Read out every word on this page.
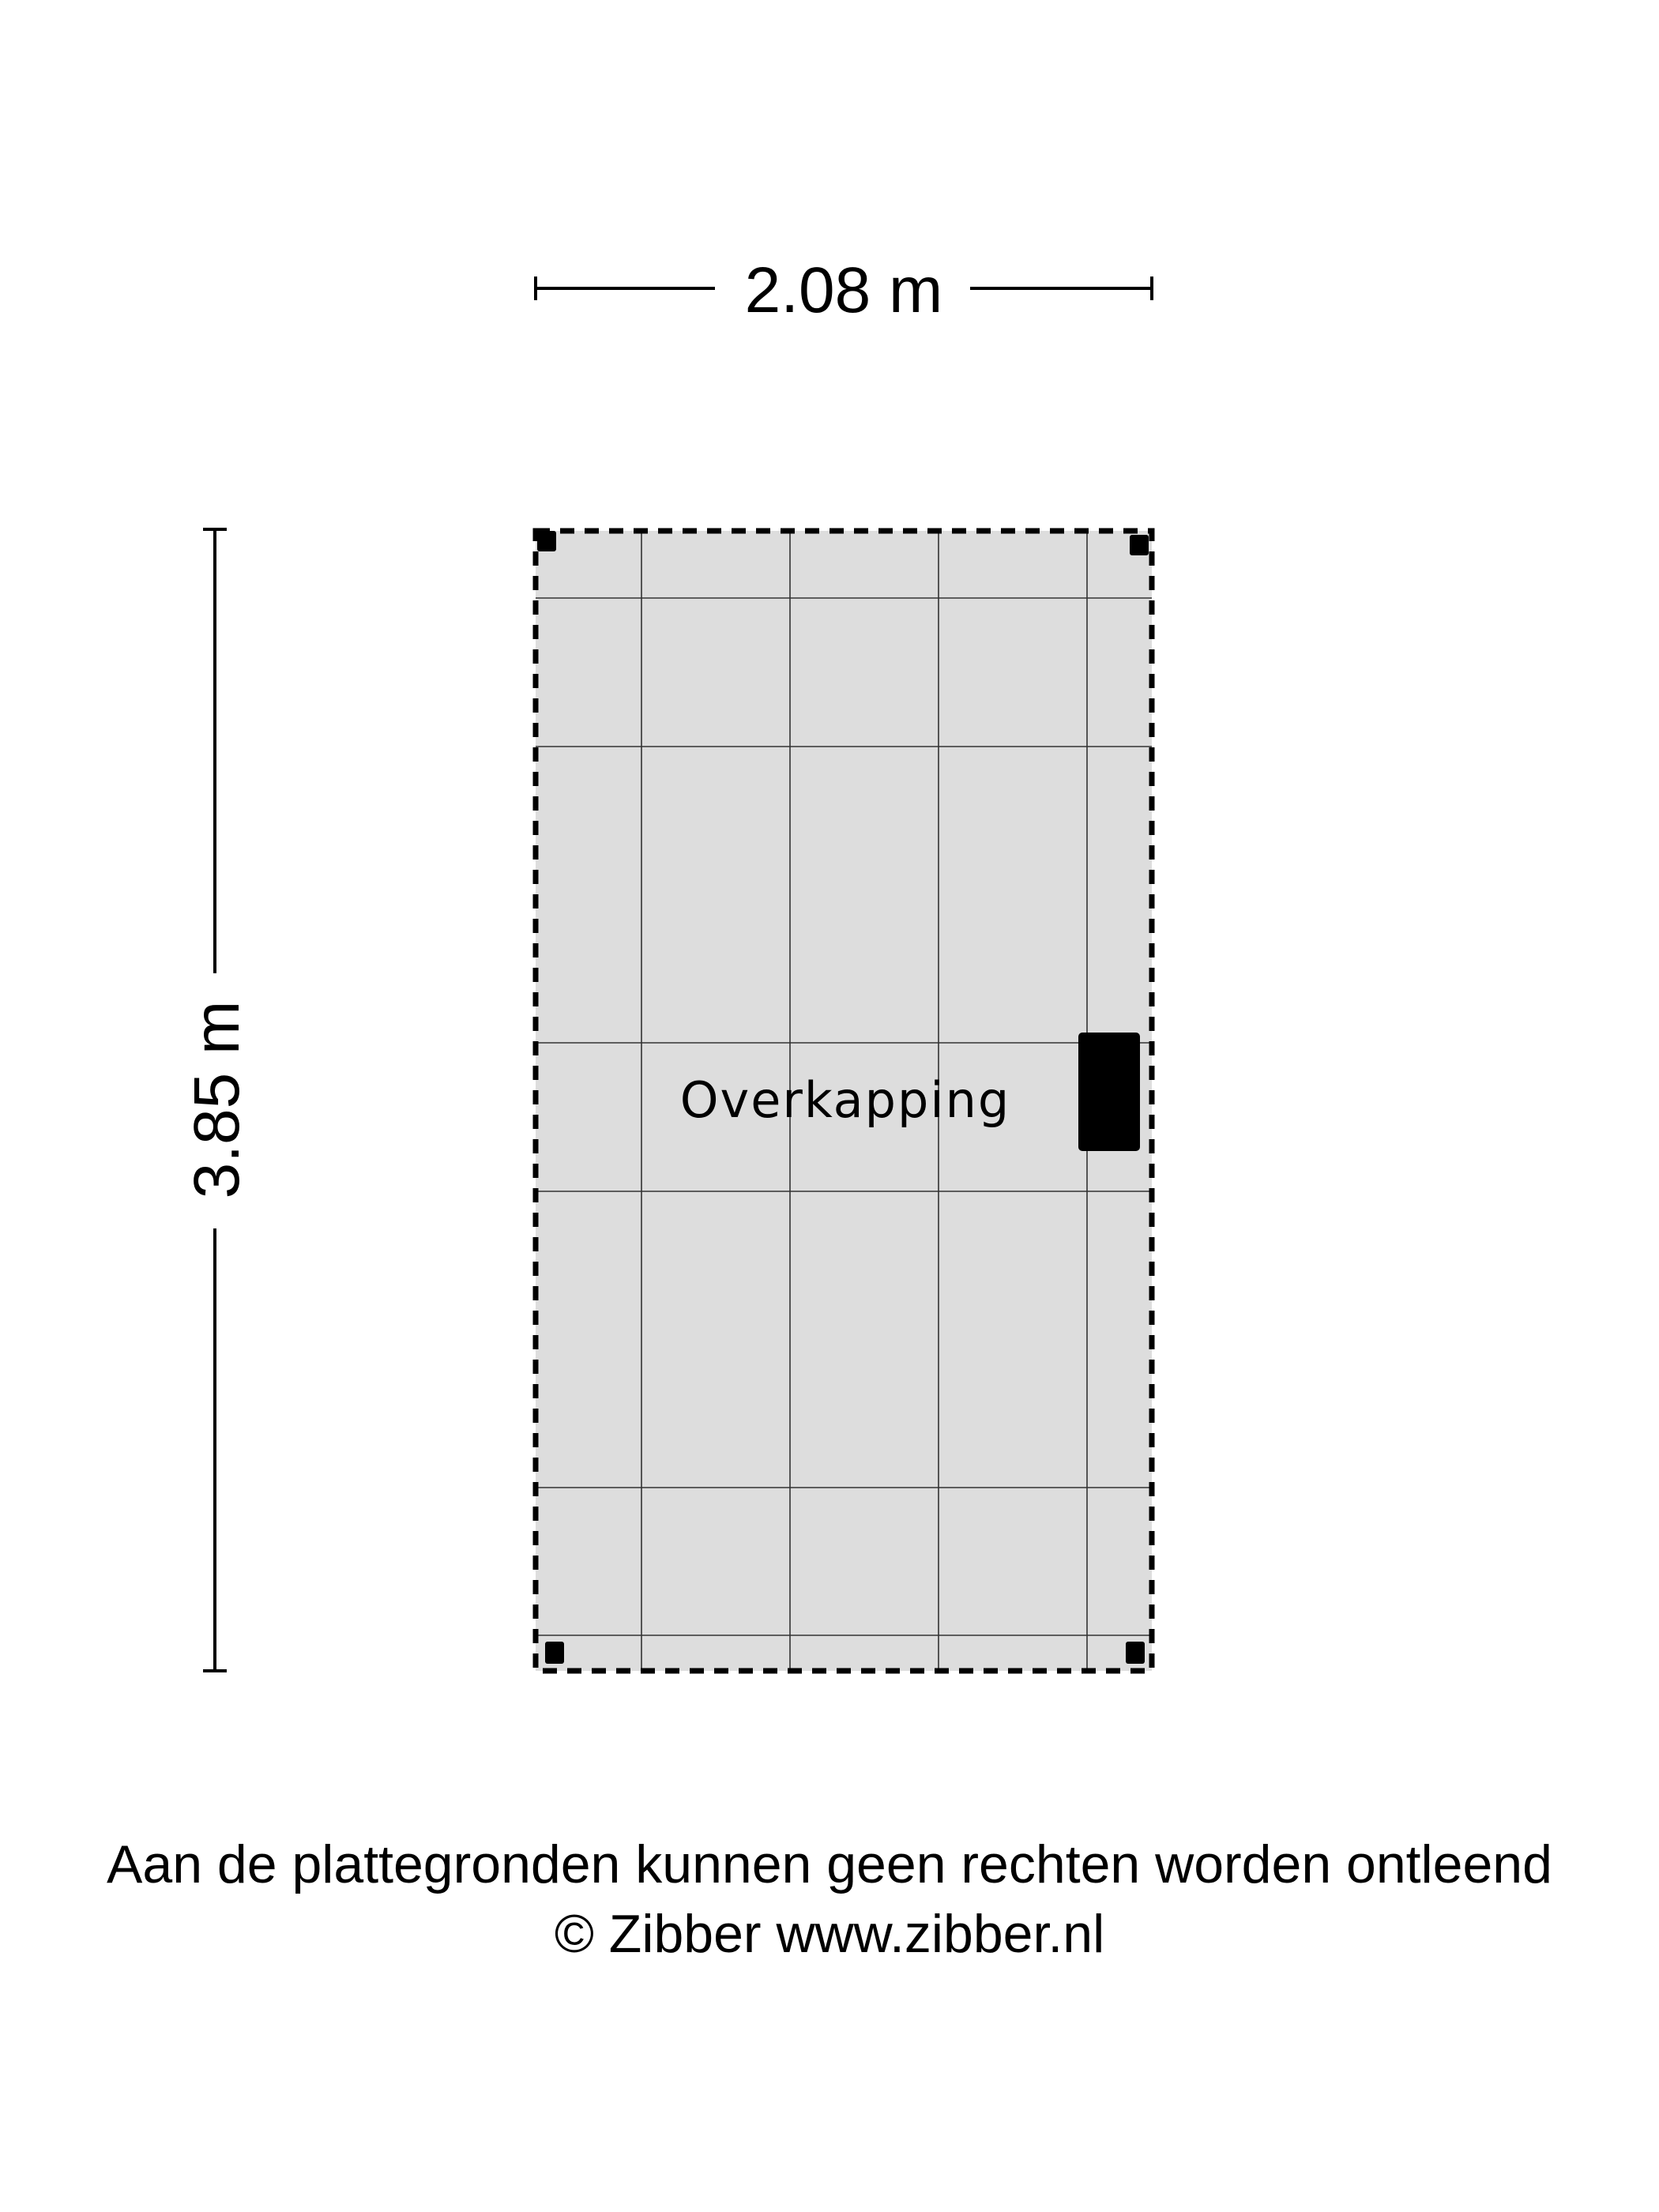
2.08 m
3.85 m	Overkapping
Aan de plattegronden kunnen geen rechten worden ontleend
© Zibber www.zibber.nl
